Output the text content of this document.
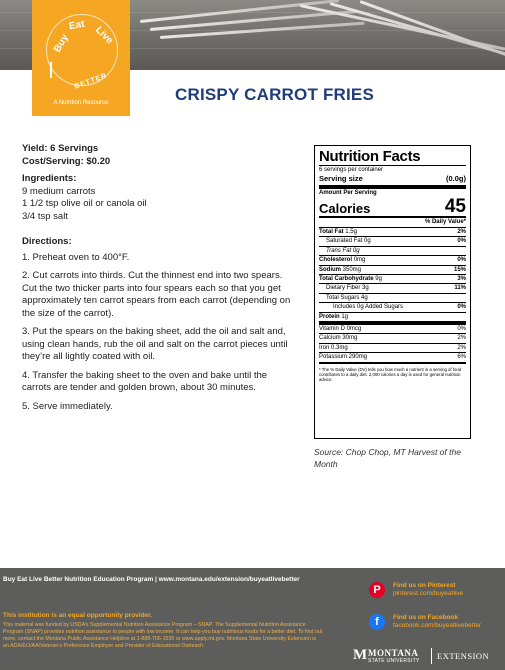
Buy
Eat Live
BETTER
A Nutrition Resource	CRISPY CARROT FRIES
Yield: 6 Servings
Cost/Serving: $0.20
Ingredients:
9 medium carrots
1 1/2 tsp olive oil or canola oil
3/4 tsp salt
Directions:

1. Preheat oven to 400°F.

2. Cut carrots into thirds. Cut the thinnest end into two spears. Cut the two thicker parts into four spears each so that you get approximately ten carrot spears from each carrot (depending on the size of the carrot).

3. Put the spears on the baking sheet, add the oil and salt and, using clean hands, rub the oil and salt on the carrot pieces until they’re all lightly coated with oil.

4. Transfer the baking sheet to the oven and bake until the carrots are tender and golden brown, about 30 minutes.

5. Serve immediately.

Nutrition Facts
6 servings per container
Serving size	(0.0g)
Amount Per Serving
Calories	45
% Daily Value*
Total Fat 1.5g	2%
Saturated Fat 0g	0%
Trans Fat 0g
Cholesterol 0mg	0%
Sodium 350mg	15%
Total Carbohydrate 9g	3%
Dietary Fiber 3g	11%
Total Sugars 4g
Includes 0g Added Sugars	0%
Protein 1g
Vitamin D 0mcg	0%
Calcium 30mg	2%
Iron 0.3mg	2%
Potassium 290mg	6%
* The % Daily Value (DV) tells you how much a nutrient in a serving of food contributes to a daily diet. 2,000 calories a day is used for general nutrition advice.
Source: Chop Chop, MT Harvest of the Month
Buy Eat Live Better Nutrition Education Program | www.montana.edu/extension/buyeatlivebetter
This institution is an equal opportunity provider.
This material was funded by USDA’s Supplemental Nutrition Assistance Program – SNAP. The Supplemental Nutrition Assistance Program (SNAP) provides nutrition assistance to people with low income. It can help you buy nutritious foods for a better diet. To find out more, contact the Montana Public Assistance Helpline at 1-888-706-1535 or www.apply.mt.gov. Montana State University Extension is an ADA/EO/AA/Veteran’s Preference Employer and Provider of Educational Outreach.
P	Find us on Pinterest
pinterest.com/buyeatlive
f	Find us on Facebook
facebook.com/buyeatlivebetter
M MONTANA
STATE UNIVERSITY EXTENSION
